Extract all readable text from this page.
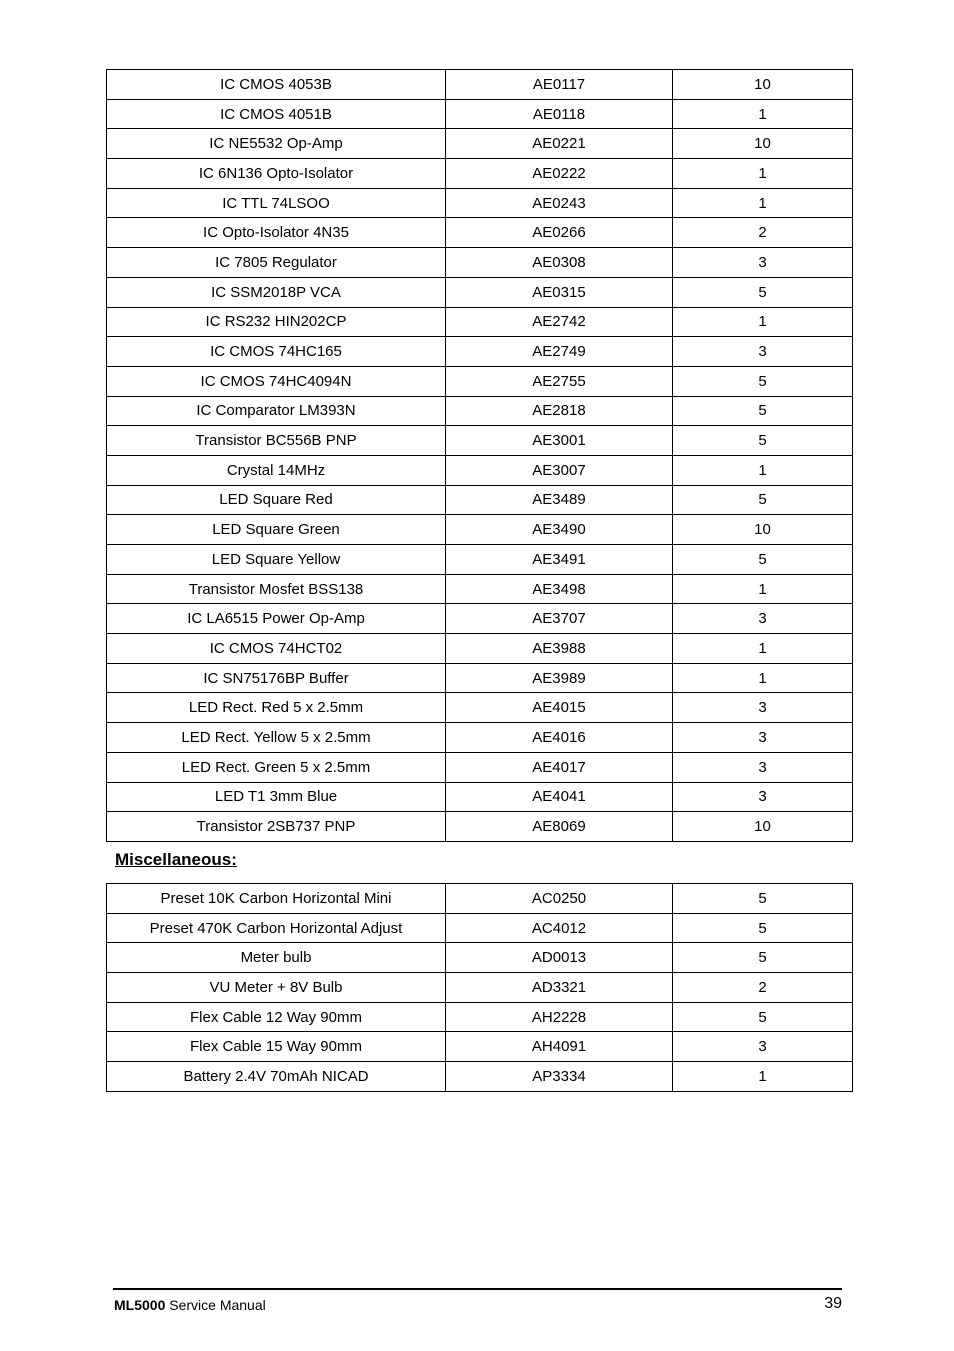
IC CMOS 4053B	AE0117	10
IC CMOS 4051B	AE0118	1
IC NE5532 Op-Amp	AE0221	10
IC 6N136 Opto-Isolator	AE0222	1
IC TTL 74LSOO	AE0243	1
IC Opto-Isolator 4N35	AE0266	2
IC 7805 Regulator	AE0308	3
IC SSM2018P VCA	AE0315	5
IC RS232 HIN202CP	AE2742	1
IC CMOS 74HC165	AE2749	3
IC CMOS 74HC4094N	AE2755	5
IC Comparator LM393N	AE2818	5
Transistor BC556B PNP	AE3001	5
Crystal 14MHz	AE3007	1
LED Square Red	AE3489	5
LED Square Green	AE3490	10
LED Square Yellow	AE3491	5
Transistor Mosfet BSS138	AE3498	1
IC LA6515 Power Op-Amp	AE3707	3
IC CMOS 74HCT02	AE3988	1
IC SN75176BP Buffer	AE3989	1
LED Rect. Red 5 x 2.5mm	AE4015	3
LED Rect. Yellow 5 x 2.5mm	AE4016	3
LED Rect. Green 5 x 2.5mm	AE4017	3
LED T1 3mm Blue	AE4041	3
Transistor 2SB737 PNP	AE8069	10
Miscellaneous:
Preset 10K Carbon Horizontal Mini	AC0250	5
Preset 470K Carbon Horizontal Adjust	AC4012	5
Meter bulb	AD0013	5
VU Meter + 8V Bulb	AD3321	2
Flex Cable 12 Way 90mm	AH2228	5
Flex Cable 15 Way 90mm	AH4091	3
Battery 2.4V 70mAh NICAD	AP3334	1
ML5000 Service Manual	39
